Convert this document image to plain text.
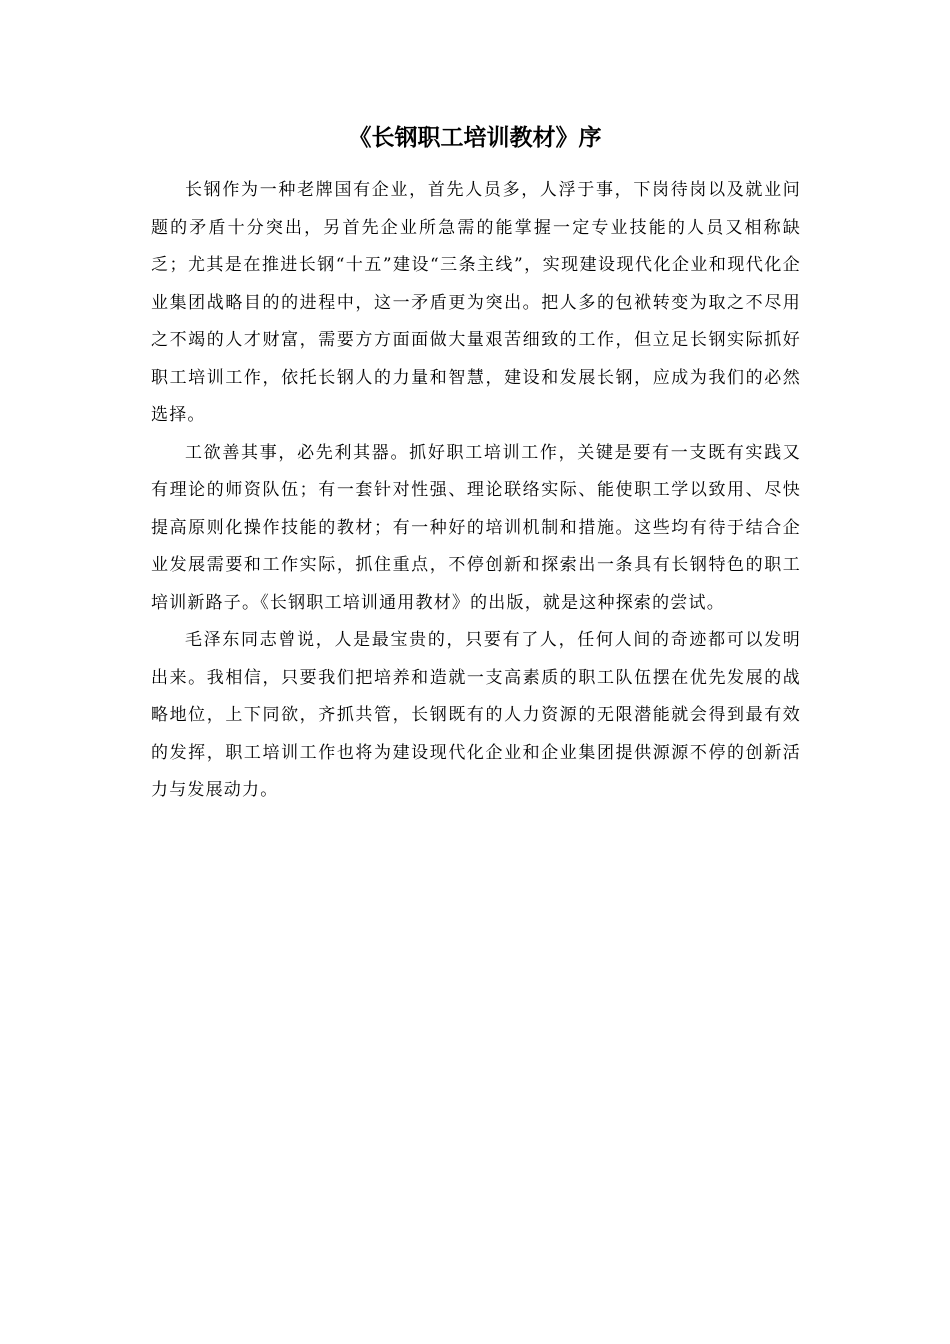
《长钢职工培训教材》序

长钢作为一种老牌国有企业，首先人员多，人浮于事，下岗待岗以及就业问题的矛盾十分突出，另首先企业所急需的能掌握一定专业技能的人员又相称缺乏；尤其是在推进长钢“十五”建设“三条主线”，实现建设现代化企业和现代化企业集团战略目的的进程中，这一矛盾更为突出。把人多的包袱转变为取之不尽用之不竭的人才财富，需要方方面面做大量艰苦细致的工作，但立足长钢实际抓好职工培训工作，依托长钢人的力量和智慧，建设和发展长钢，应成为我们的必然选择。

工欲善其事，必先利其器。抓好职工培训工作，关键是要有一支既有实践又有理论的师资队伍；有一套针对性强、理论联络实际、能使职工学以致用、尽快提高原则化操作技能的教材；有一种好的培训机制和措施。这些均有待于结合企业发展需要和工作实际，抓住重点，不停创新和探索出一条具有长钢特色的职工培训新路子。《长钢职工培训通用教材》的出版，就是这种探索的尝试。

毛泽东同志曾说，人是最宝贵的，只要有了人，任何人间的奇迹都可以发明出来。我相信，只要我们把培养和造就一支高素质的职工队伍摆在优先发展的战略地位，上下同欲，齐抓共管，长钢既有的人力资源的无限潜能就会得到最有效的发挥，职工培训工作也将为建设现代化企业和企业集团提供源源不停的创新活力与发展动力。
